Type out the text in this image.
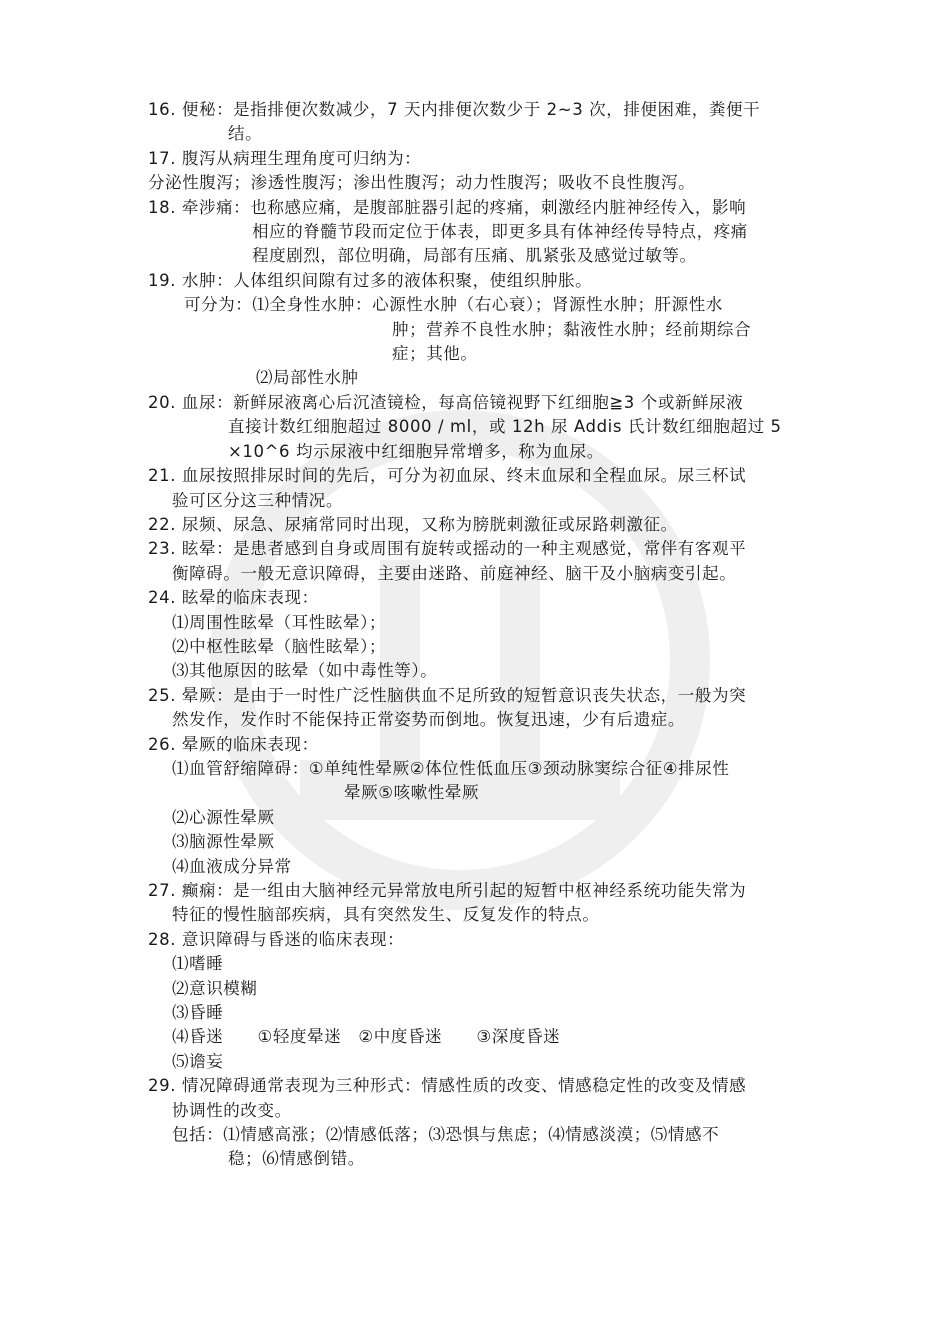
16. 便秘：是指排便次数减少，7 天内排便次数少于 2~3 次，排便困难，粪便干
结。
17. 腹泻从病理生理角度可归纳为：
分泌性腹泻；渗透性腹泻；渗出性腹泻；动力性腹泻；吸收不良性腹泻。
18. 牵涉痛：也称感应痛，是腹部脏器引起的疼痛，刺激经内脏神经传入，影响
相应的脊髓节段而定位于体表，即更多具有体神经传导特点，疼痛
程度剧烈，部位明确，局部有压痛、肌紧张及感觉过敏等。
19. 水肿：人体组织间隙有过多的液体积聚，使组织肿胀。
可分为：⑴全身性水肿：心源性水肿（右心衰）；肾源性水肿；肝源性水
肿；营养不良性水肿；黏液性水肿；经前期综合
症；其他。
⑵局部性水肿
20. 血尿：新鲜尿液离心后沉渣镜检，每高倍镜视野下红细胞≧3 个或新鲜尿液
直接计数红细胞超过 8000 / ml，或 12h 尿 Addis 氏计数红细胞超过 5
×10^6 均示尿液中红细胞异常增多，称为血尿。
21. 血尿按照排尿时间的先后，可分为初血尿、终末血尿和全程血尿。尿三杯试
验可区分这三种情况。
22. 尿频、尿急、尿痛常同时出现，又称为膀胱刺激征或尿路刺激征。
23. 眩晕：是患者感到自身或周围有旋转或摇动的一种主观感觉，常伴有客观平
衡障碍。一般无意识障碍，主要由迷路、前庭神经、脑干及小脑病变引起。
24. 眩晕的临床表现：
⑴周围性眩晕（耳性眩晕）；
⑵中枢性眩晕（脑性眩晕）；
⑶其他原因的眩晕（如中毒性等）。
25. 晕厥：是由于一时性广泛性脑供血不足所致的短暂意识丧失状态，一般为突
然发作，发作时不能保持正常姿势而倒地。恢复迅速，少有后遗症。
26. 晕厥的临床表现：
⑴血管舒缩障碍：①单纯性晕厥②体位性低血压③颈动脉窦综合征④排尿性
晕厥⑤咳嗽性晕厥
⑵心源性晕厥
⑶脑源性晕厥
⑷血液成分异常
27. 癫痫：是一组由大脑神经元异常放电所引起的短暂中枢神经系统功能失常为
特征的慢性脑部疾病，具有突然发生、反复发作的特点。
28. 意识障碍与昏迷的临床表现：
⑴嗜睡
⑵意识模糊
⑶昏睡
⑷昏迷　　①轻度晕迷　②中度昏迷　　③深度昏迷
⑸谵妄
29. 情况障碍通常表现为三种形式：情感性质的改变、情感稳定性的改变及情感
协调性的改变。
包括：⑴情感高涨；⑵情感低落；⑶恐惧与焦虑；⑷情感淡漠；⑸情感不
稳；⑹情感倒错。
